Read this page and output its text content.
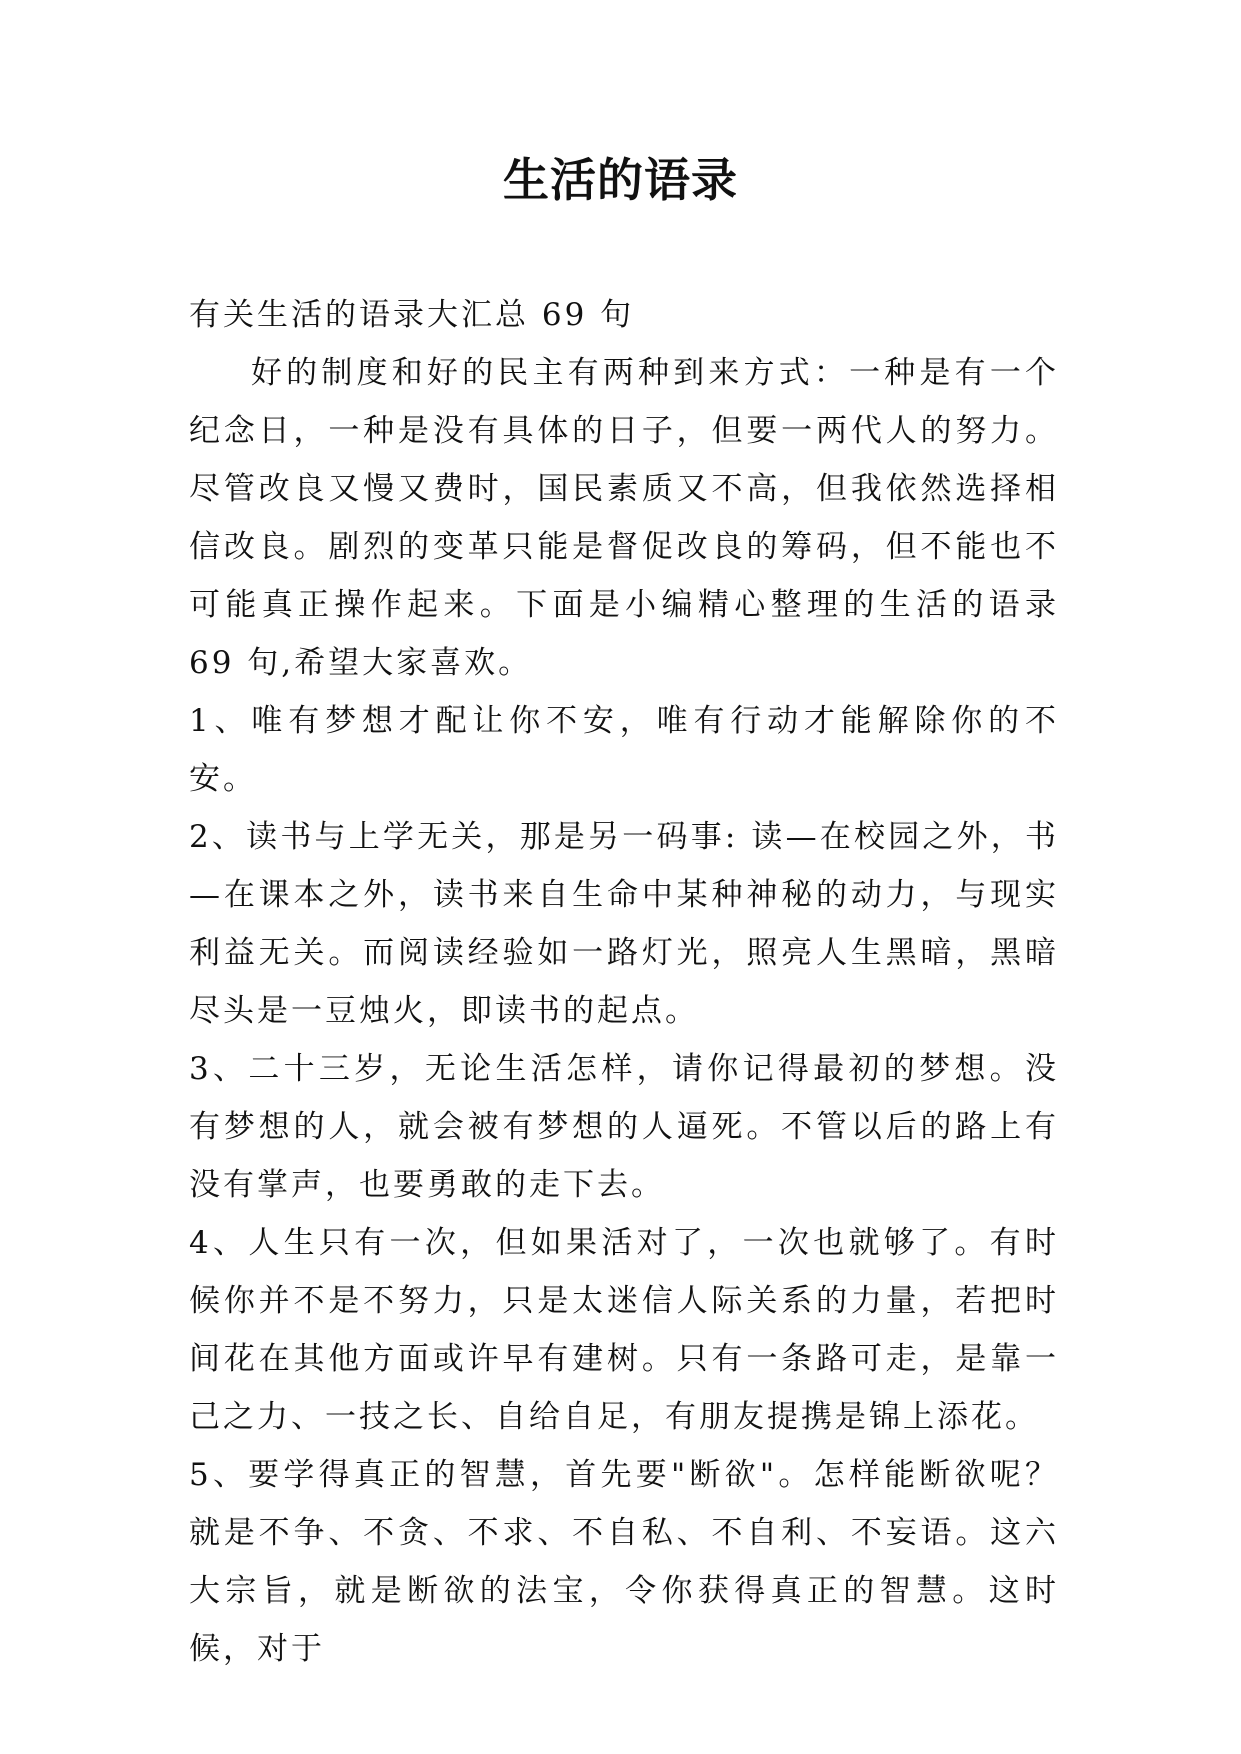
生活的语录

有关生活的语录大汇总 69 句

好的制度和好的民主有两种到来方式：一种是有一个纪念日，一种是没有具体的日子，但要一两代人的努力。尽管改良又慢又费时，国民素质又不高，但我依然选择相信改良。剧烈的变革只能是督促改良的筹码，但不能也不可能真正操作起来。下面是小编精心整理的生活的语录 69 句,希望大家喜欢。

1、唯有梦想才配让你不安，唯有行动才能解除你的不安。

2、读书与上学无关，那是另一码事: 读—在校园之外，书—在课本之外，读书来自生命中某种神秘的动力，与现实利益无关。而阅读经验如一路灯光，照亮人生黑暗，黑暗尽头是一豆烛火，即读书的起点。

3、二十三岁，无论生活怎样，请你记得最初的梦想。没有梦想的人，就会被有梦想的人逼死。不管以后的路上有没有掌声，也要勇敢的走下去。

4、人生只有一次，但如果活对了，一次也就够了。有时候你并不是不努力，只是太迷信人际关系的力量，若把时间花在其他方面或许早有建树。只有一条路可走，是靠一己之力、一技之长、自给自足，有朋友提携是锦上添花。

5、要学得真正的智慧，首先要"断欲"。怎样能断欲呢？就是不争、不贪、不求、不自私、不自利、不妄语。这六大宗旨，就是断欲的法宝，令你获得真正的智慧。这时候，对于
